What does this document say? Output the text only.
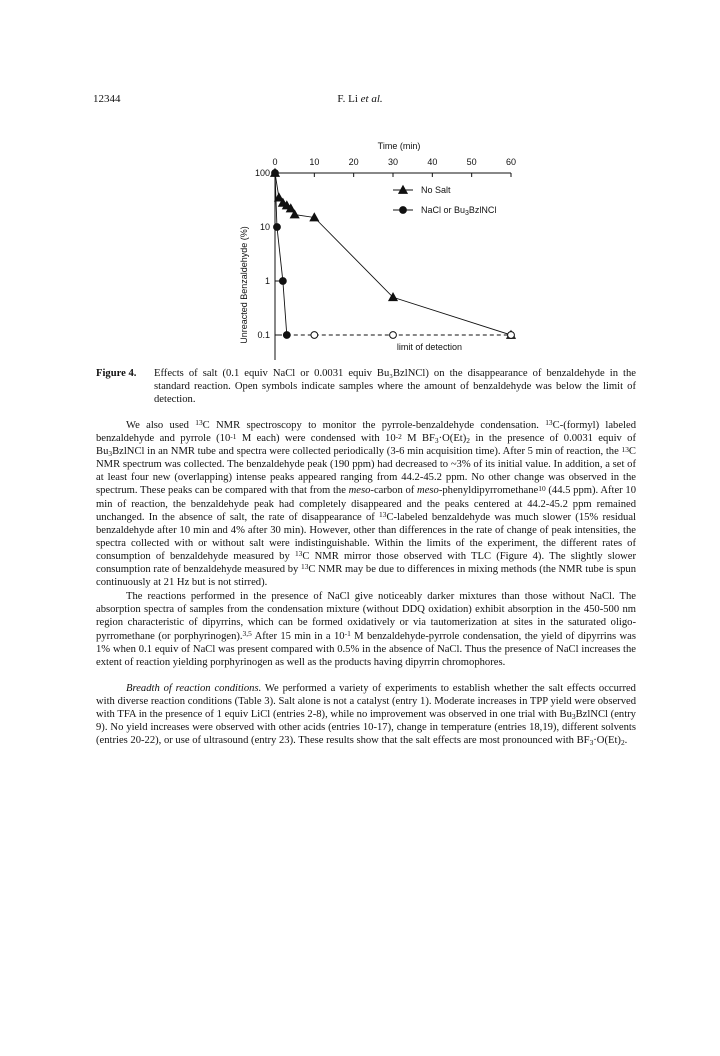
12344	F. Li et al.
0	10	20	30	40	50	60
100
10
1
0.1
Time (min)
Unreacted Benzaldehyde (%)
No Salt
NaCl or $Bu_3BzlNCl$
limit of detection
Figure 4. Effects of salt (0.1 equiv NaCl or 0.0031 equiv Bu₃BzlNCl) on the disappearance of benzaldehyde in the standard reaction. Open symbols indicate samples where the amount of benzaldehyde was below the limit of detection.

We also used $^{13}$C NMR spectroscopy to monitor the pyrrole-benzaldehyde condensation. $^{13}$C-(formyl) labeled benzaldehyde and pyrrole ($10^{-1}$ M each) were condensed with $10^{-2}$ M $BF_3\cdot O(Et)_2$ in the presence of 0.0031 equiv of $Bu_3BzlNCl$ in an NMR tube and spectra were collected periodically (3-6 min acquisition time). After 5 min of reaction, the $^{13}$C NMR spectrum was collected. The benzaldehyde peak (190 ppm) had decreased to ~3% of its initial value. In addition, a set of at least four new (overlapping) intense peaks appeared ranging from 44.2-45.2 ppm. No other change was observed in the spectrum. These peaks can be compared with that from the meso-carbon of meso-phenyldipyrromethane$^{10}$ (44.5 ppm). After 10 min of reaction, the benzaldehyde peak had completely disappeared and the peaks centered at 44.2-45.2 ppm remained unchanged. In the absence of salt, the rate of disappearance of $^{13}$C-labeled benzaldehyde was much slower (15% residual benzaldehyde after 10 min and 4% after 30 min). However, other than differences in the rate of change of peak intensities, the spectra collected with or without salt were indistinguishable. Within the limits of the experiment, the different rates of consumption of benzaldehyde measured by $^{13}$C NMR mirror those observed with TLC (Figure 4). The slightly slower consumption rate of benzaldehyde measured by $^{13}$C NMR may be due to differences in mixing methods (the NMR tube is spun continuously at 21 Hz but is not stirred).

The reactions performed in the presence of NaCl give noticeably darker mixtures than those without NaCl. The absorption spectra of samples from the condensation mixture (without DDQ oxidation) exhibit absorption in the 450-500 nm region characteristic of dipyrrins, which can be formed oxidatively or via tautomerization at sites in the saturated oligo-pyrromethane (or porphyrinogen).$^{3,5}$ After 15 min in a $10^{-1}$ M benzaldehyde-pyrrole condensation, the yield of dipyrrins was 1% when 0.1 equiv of NaCl was present compared with 0.5% in the absence of NaCl. Thus the presence of NaCl increases the extent of reaction yielding porphyrinogen as well as the products having dipyrrin chromophores.

Breadth of reaction conditions. We performed a variety of experiments to establish whether the salt effects occurred with diverse reaction conditions (Table 3). Salt alone is not a catalyst (entry 1). Moderate increases in TPP yield were observed with TFA in the presence of 1 equiv LiCl (entries 2-8), while no improvement was observed in one trial with $Bu_3BzlNCl$ (entry 9). No yield increases were observed with other acids (entries 10-17), change in temperature (entries 18,19), different solvents (entries 20-22), or use of ultrasound (entry 23). These results show that the salt effects are most pronounced with $BF_3\cdot O(Et)_2$.
